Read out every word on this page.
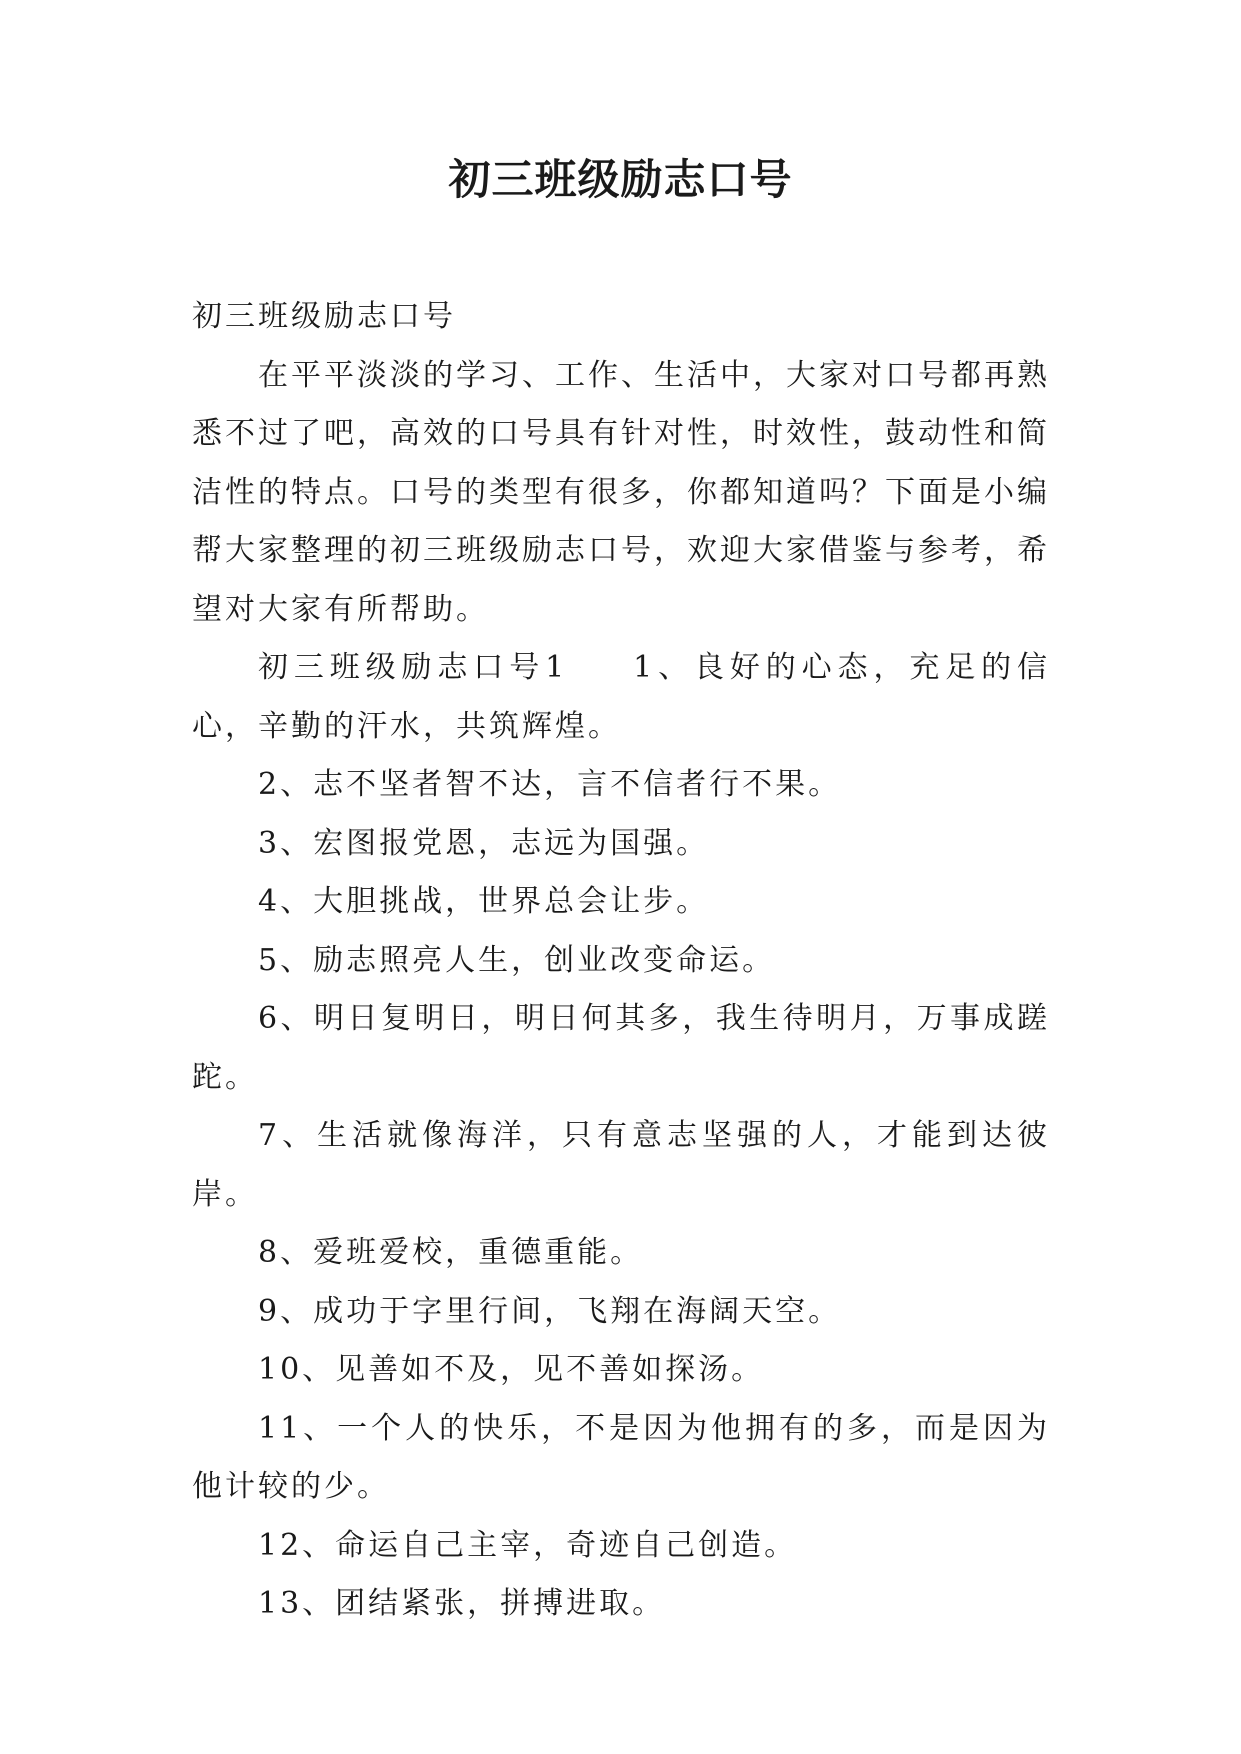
初三班级励志口号

初三班级励志口号

在平平淡淡的学习、工作、生活中，大家对口号都再熟悉不过了吧，高效的口号具有针对性，时效性，鼓动性和简洁性的特点。口号的类型有很多，你都知道吗？下面是小编帮大家整理的初三班级励志口号，欢迎大家借鉴与参考，希望对大家有所帮助。

初三班级励志口号1 1、良好的心态，充足的信心，辛勤的汗水，共筑辉煌。

2、志不坚者智不达，言不信者行不果。

3、宏图报党恩，志远为国强。

4、大胆挑战，世界总会让步。

5、励志照亮人生，创业改变命运。

6、明日复明日，明日何其多，我生待明月，万事成蹉跎。

7、生活就像海洋，只有意志坚强的人，才能到达彼岸。

8、爱班爱校，重德重能。

9、成功于字里行间，飞翔在海阔天空。

10、见善如不及，见不善如探汤。

11、一个人的快乐，不是因为他拥有的多，而是因为他计较的少。

12、命运自己主宰，奇迹自己创造。

13、团结紧张，拼搏进取。
